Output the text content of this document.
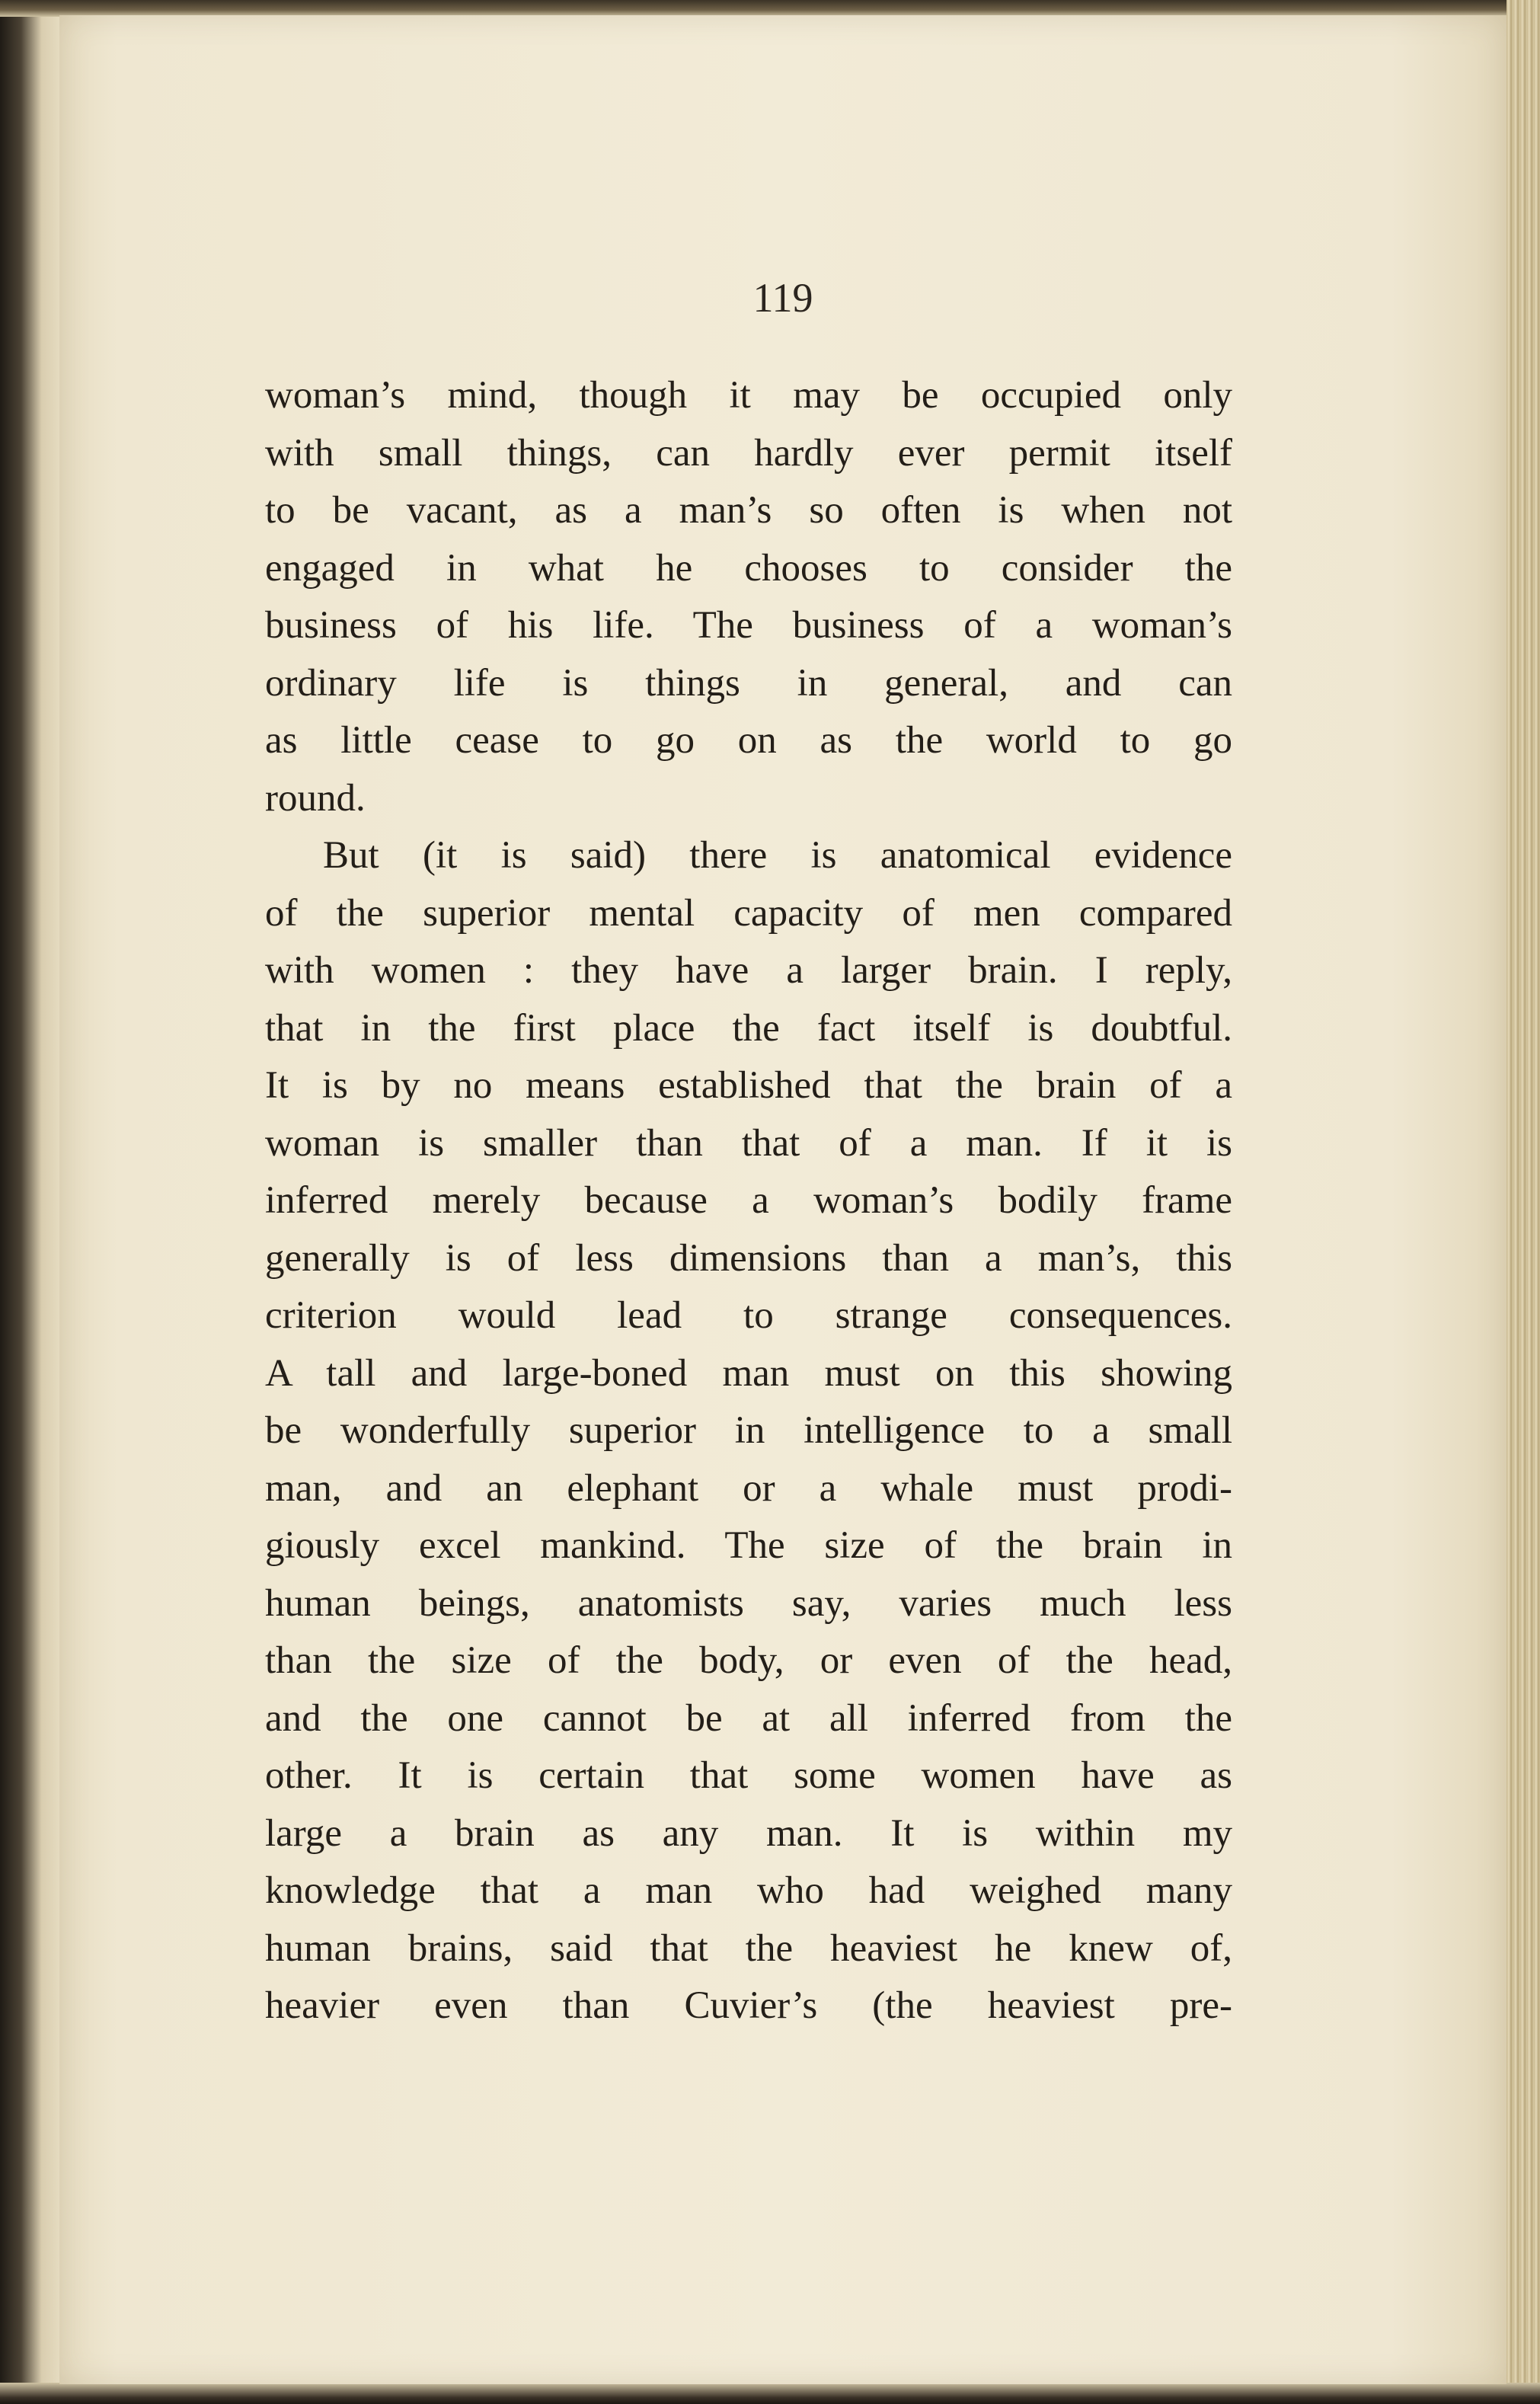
119
woman’s mind, though it may be occupied only
with small things, can hardly ever permit itself
to be vacant, as a man’s so often is when not
engaged in what he chooses to consider the
business of his life. The business of a woman’s
ordinary life is things in general, and can
as little cease to go on as the world to go
round.
But (it is said) there is anatomical evidence
of the superior mental capacity of men compared
with women : they have a larger brain. I reply,
that in the first place the fact itself is doubtful.
It is by no means established that the brain of a
woman is smaller than that of a man. If it is
inferred merely because a woman’s bodily frame
generally is of less dimensions than a man’s, this
criterion would lead to strange consequences.
A tall and large-boned man must on this showing
be wonderfully superior in intelligence to a small
man, and an elephant or a whale must prodi-
giously excel mankind. The size of the brain in
human beings, anatomists say, varies much less
than the size of the body, or even of the head,
and the one cannot be at all inferred from the
other. It is certain that some women have as
large a brain as any man. It is within my
knowledge that a man who had weighed many
human brains, said that the heaviest he knew of,
heavier even than Cuvier’s (the heaviest pre-
